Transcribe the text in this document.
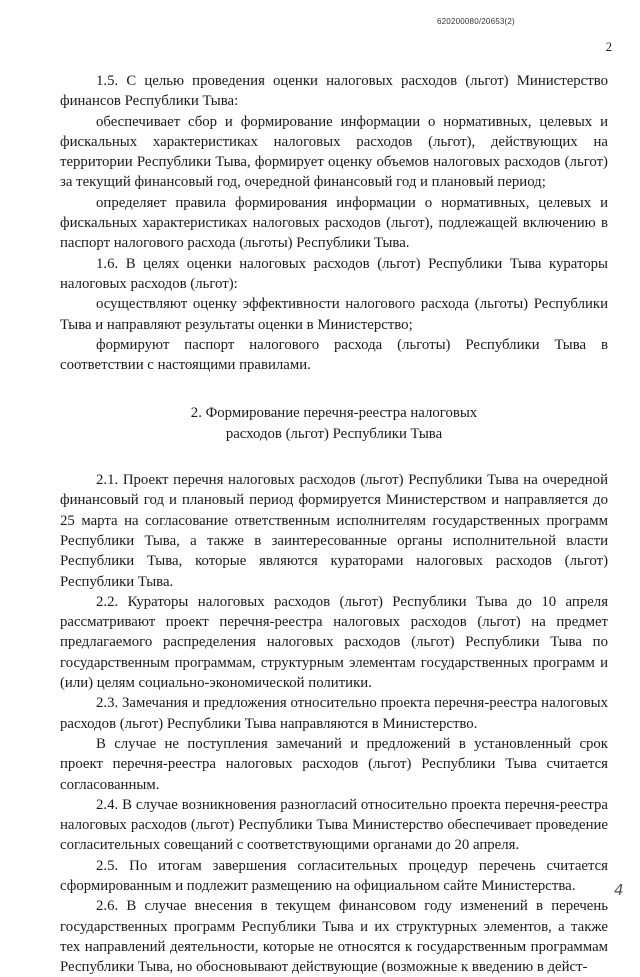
620200080/20653(2)
2

1.5. С целью проведения оценки налоговых расходов (льгот) Министерство финансов Республики Тыва:

обеспечивает сбор и формирование информации о нормативных, целевых и фискальных характеристиках налоговых расходов (льгот), действующих на территории Республики Тыва, формирует оценку объемов налоговых расходов (льгот) за текущий финансовый год, очередной финансовый год и плановый период;

определяет правила формирования информации о нормативных, целевых и фискальных характеристиках налоговых расходов (льгот), подлежащей включению в паспорт налогового расхода (льготы) Республики Тыва.

1.6. В целях оценки налоговых расходов (льгот) Республики Тыва кураторы налоговых расходов (льгот):

осуществляют оценку эффективности налогового расхода (льготы) Республики Тыва и направляют результаты оценки в Министерство;

формируют паспорт налогового расхода (льготы) Республики Тыва в соответствии с настоящими правилами.

2. Формирование перечня-реестра налоговых
расходов (льгот) Республики Тыва

2.1. Проект перечня налоговых расходов (льгот) Республики Тыва на очередной финансовый год и плановый период формируется Министерством и направляется до 25 марта на согласование ответственным исполнителям государственных программ Республики Тыва, а также в заинтересованные органы исполнительной власти Республики Тыва, которые являются кураторами налоговых расходов (льгот) Республики Тыва.

2.2. Кураторы налоговых расходов (льгот) Республики Тыва до 10 апреля рассматривают проект перечня-реестра налоговых расходов (льгот) на предмет предлагаемого распределения налоговых расходов (льгот) Республики Тыва по государственным программам, структурным элементам государственных программ и (или) целям социально-экономической политики.

2.3. Замечания и предложения относительно проекта перечня-реестра налоговых расходов (льгот) Республики Тыва направляются в Министерство.

В случае не поступления замечаний и предложений в установленный срок проект перечня-реестра налоговых расходов (льгот) Республики Тыва считается согласованным.

2.4. В случае возникновения разногласий относительно проекта перечня-реестра налоговых расходов (льгот) Республики Тыва Министерство обеспечивает проведение согласительных совещаний с соответствующими органами до 20 апреля.

2.5. По итогам завершения согласительных процедур перечень считается сформированным и подлежит размещению на официальном сайте Министерства.

2.6. В случае внесения в текущем финансовом году изменений в перечень государственных программ Республики Тыва и их структурных элементов, а также тех направлений деятельности, которые не относятся к государственным программам Республики Тыва, но обосновывают действующие (возможные к введению в дейст-

4
